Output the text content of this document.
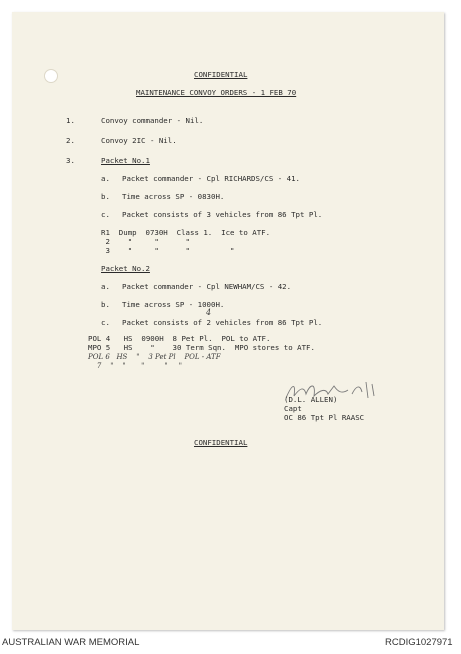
CONFIDENTIAL
MAINTENANCE CONVOY ORDERS - 1 FEB 70
1.	Convoy commander - Nil.
2.	Convoy 2IC - Nil.
3.	Packet No.1
a. Packet commander - Cpl RICHARDS/CS - 41.
b. Time across SP - 0830H.
c. Packet consists of 3 vehicles from 86 Tpt Pl.
R1  Dump  0730H  Class 1.  Ice to ATF.
2    "     "      "
3    "     "      "         "
Packet No.2
a. Packet commander - Cpl NEWHAM/CS - 42.
b. Time across SP - 1000H.
4
c. Packet consists of 2 vehicles from 86 Tpt Pl.
POL 4   HS  0900H  8 Pet Pl.  POL to ATF.
MPO 5   HS    "    30 Term Sqn.  MPO stores to ATF.
POL 6   HS    "    3 Pet Pl    POL - ATF
7    "    "       "         "     "
(D.L. ALLEN)
Capt
OC 86 Tpt Pl RAASC
CONFIDENTIAL
AUSTRALIAN WAR MEMORIAL	RCDIG1027971
